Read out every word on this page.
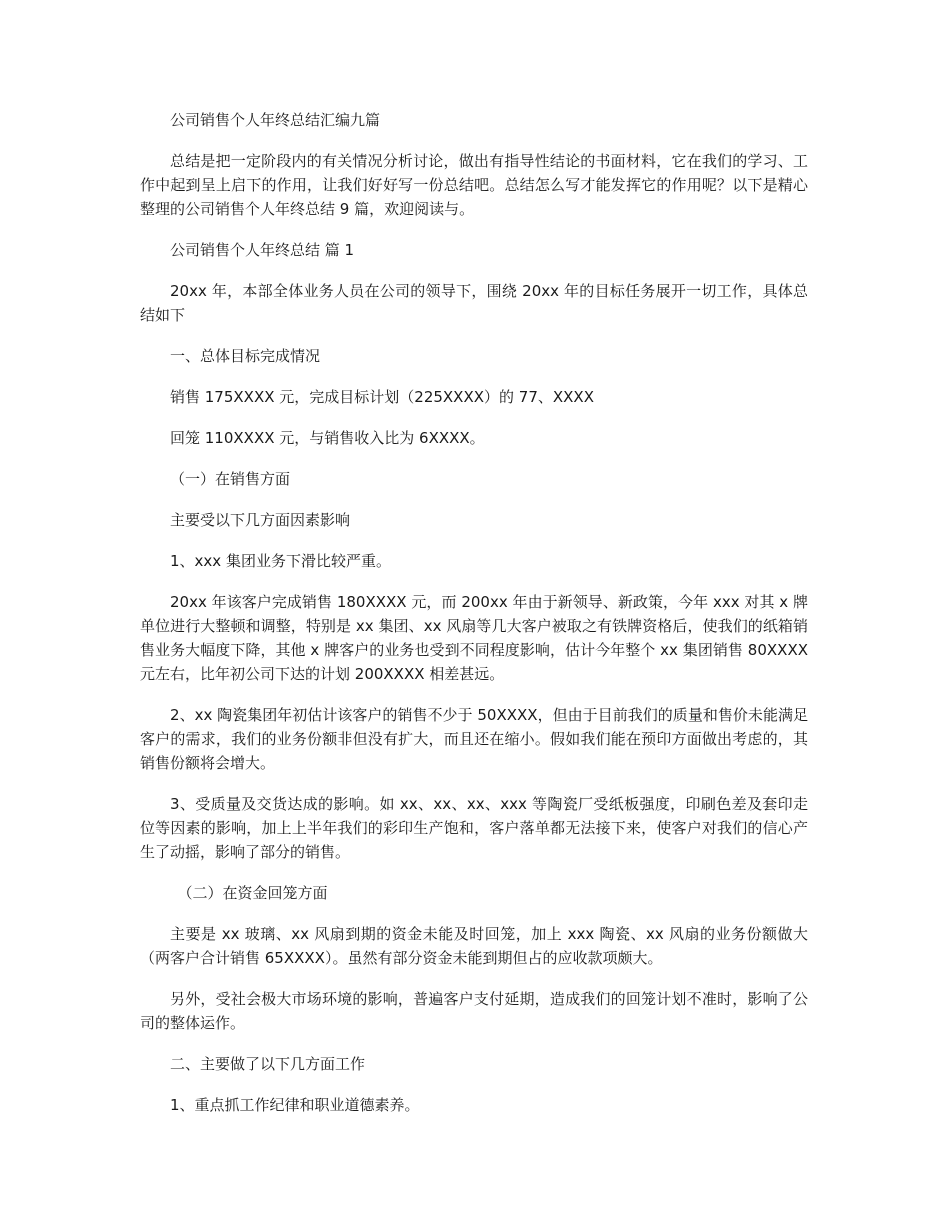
公司销售个人年终总结汇编九篇

总结是把一定阶段内的有关情况分析讨论，做出有指导性结论的书面材料，它在我们的学习、工作中起到呈上启下的作用，让我们好好写一份总结吧。总结怎么写才能发挥它的作用呢？以下是精心整理的公司销售个人年终总结 9 篇，欢迎阅读与。

公司销售个人年终总结 篇 1

20xx 年，本部全体业务人员在公司的领导下，围绕 20xx 年的目标任务展开一切工作，具体总结如下

一、总体目标完成情况

销售 175XXXX 元，完成目标计划（225XXXX）的 77、XXXX

回笼 110XXXX 元，与销售收入比为 6XXXX。

（一）在销售方面

主要受以下几方面因素影响

1、xxx 集团业务下滑比较严重。

20xx 年该客户完成销售 180XXXX 元，而 200xx 年由于新领导、新政策，今年 xxx 对其 x 牌单位进行大整顿和调整，特别是 xx 集团、xx 风扇等几大客户被取之有铁牌资格后，使我们的纸箱销售业务大幅度下降，其他 x 牌客户的业务也受到不同程度影响，估计今年整个 xx 集团销售 80XXXX 元左右，比年初公司下达的计划 200XXXX 相差甚远。

2、xx 陶瓷集团年初估计该客户的销售不少于 50XXXX，但由于目前我们的质量和售价未能满足客户的需求，我们的业务份额非但没有扩大，而且还在缩小。假如我们能在预印方面做出考虑的，其销售份额将会增大。

3、受质量及交货达成的影响。如 xx、xx、xx、xxx 等陶瓷厂受纸板强度，印刷色差及套印走位等因素的影响，加上上半年我们的彩印生产饱和，客户落单都无法接下来，使客户对我们的信心产生了动摇，影响了部分的销售。

（二）在资金回笼方面

主要是 xx 玻璃、xx 风扇到期的资金未能及时回笼，加上 xxx 陶瓷、xx 风扇的业务份额做大（两客户合计销售 65XXXX）。虽然有部分资金未能到期但占的应收款项颇大。

另外，受社会极大市场环境的影响，普遍客户支付延期，造成我们的回笼计划不准时，影响了公司的整体运作。

二、主要做了以下几方面工作

1、重点抓工作纪律和职业道德素养。
